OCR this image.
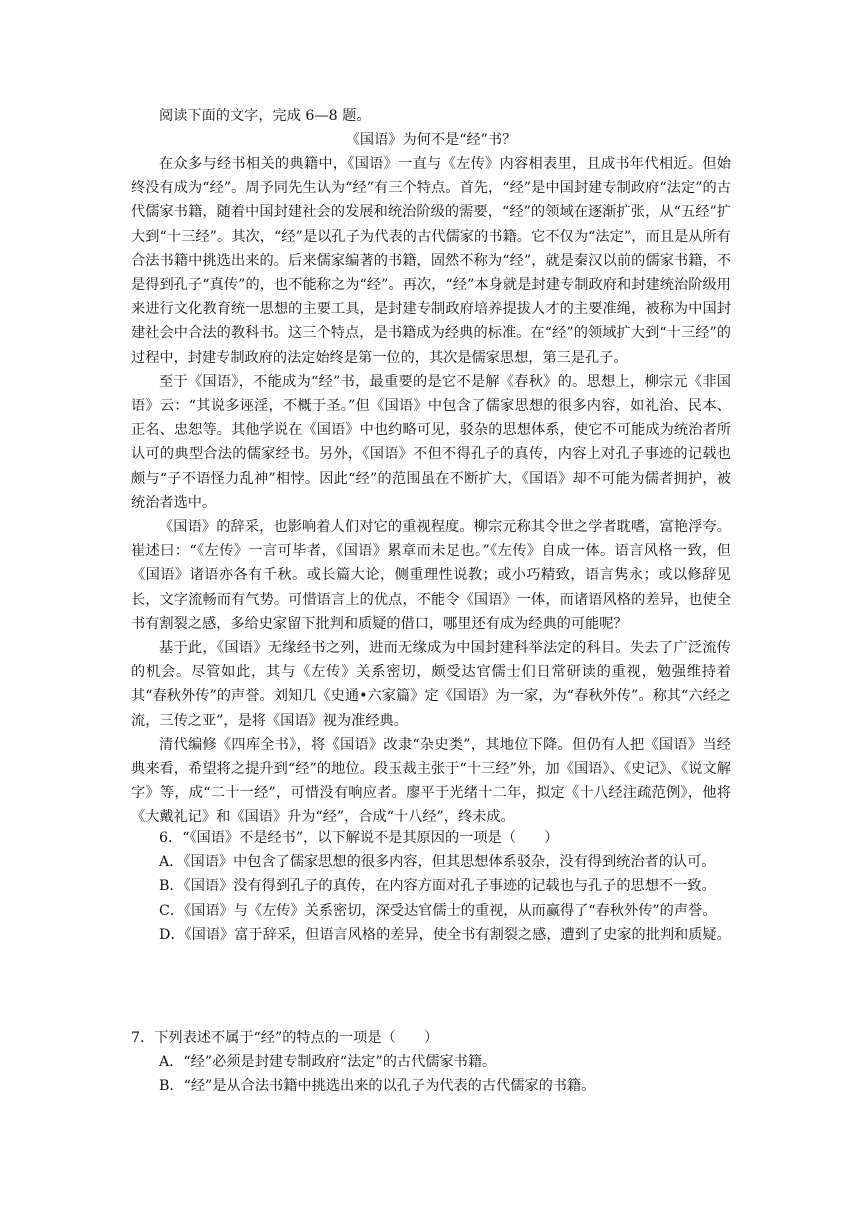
阅读下面的文字，完成 6—8 题。
《国语》为何不是“经”书？

在众多与经书相关的典籍中，《国语》一直与《左传》内容相表里，且成书年代相近。但始终没有成为“经”。周予同先生认为“经”有三个特点。首先，“经”是中国封建专制政府“法定”的古代儒家书籍，随着中国封建社会的发展和统治阶级的需要，“经”的领域在逐渐扩张，从“五经”扩大到“十三经”。其次，“经”是以孔子为代表的古代儒家的书籍。它不仅为“法定”，而且是从所有合法书籍中挑选出来的。后来儒家编著的书籍，固然不称为“经”，就是秦汉以前的儒家书籍，不是得到孔子“真传”的，也不能称之为“经”。再次，“经”本身就是封建专制政府和封建统治阶级用来进行文化教育统一思想的主要工具，是封建专制政府培养提拔人才的主要准绳，被称为中国封建社会中合法的教科书。这三个特点，是书籍成为经典的标准。在“经”的领域扩大到“十三经”的过程中，封建专制政府的法定始终是第一位的，其次是儒家思想，第三是孔子。

至于《国语》，不能成为“经”书，最重要的是它不是解《春秋》的。思想上，柳宗元《非国语》云：“其说多诬淫，不概于圣。”但《国语》中包含了儒家思想的很多内容，如礼治、民本、正名、忠恕等。其他学说在《国语》中也约略可见，驳杂的思想体系，使它不可能成为统治者所认可的典型合法的儒家经书。另外，《国语》不但不得孔子的真传，内容上对孔子事迹的记载也颇与“子不语怪力乱神”相悖。因此“经”的范围虽在不断扩大，《国语》却不可能为儒者拥护，被统治者选中。

《国语》的辞采，也影响着人们对它的重视程度。柳宗元称其令世之学者耽嗜，富艳浮夸。崔述曰：“《左传》一言可毕者，《国语》累章而未足也。”《左传》自成一体。语言风格一致，但《国语》诸语亦各有千秋。或长篇大论，侧重理性说教；或小巧精致，语言隽永；或以修辞见长，文字流畅而有气势。可惜语言上的优点，不能令《国语》一体，而诸语风格的差异，也使全书有割裂之感，多给史家留下批判和质疑的借口，哪里还有成为经典的可能呢？

基于此，《国语》无缘经书之列，进而无缘成为中国封建科举法定的科目。失去了广泛流传的机会。尽管如此，其与《左传》关系密切，颇受达官儒士们日常研读的重视，勉强维持着其“春秋外传”的声誉。刘知几《史通•六家篇》定《国语》为一家，为“春秋外传”。称其“六经之流，三传之亚”，是将《国语》视为准经典。

清代编修《四库全书》，将《国语》改隶“杂史类”，其地位下降。但仍有人把《国语》当经典来看，希望将之提升到“经”的地位。段玉裁主张于“十三经”外，加《国语》、《史记》、《说文解字》等，成“二十一经”，可惜没有响应者。廖平于光绪十二年，拟定《十八经注疏范例》，他将《大戴礼记》和《国语》升为“经”，合成“十八经”，终未成。

6．“《国语》不是经书”，以下解说不是其原因的一项是（　　）

A．《国语》中包含了儒家思想的很多内容，但其思想体系驳杂，没有得到统治者的认可。

B．《国语》没有得到孔子的真传，在内容方面对孔子事迹的记载也与孔子的思想不一致。

C．《国语》与《左传》关系密切，深受达官儒士的重视，从而赢得了“春秋外传”的声誉。

D．《国语》富于辞采，但语言风格的差异，使全书有割裂之感，遭到了史家的批判和质疑。

7．下列表述不属于“经”的特点的一项是（　　）

A．“经”必须是封建专制政府“法定”的古代儒家书籍。

B．“经”是从合法书籍中挑选出来的以孔子为代表的古代儒家的书籍。
